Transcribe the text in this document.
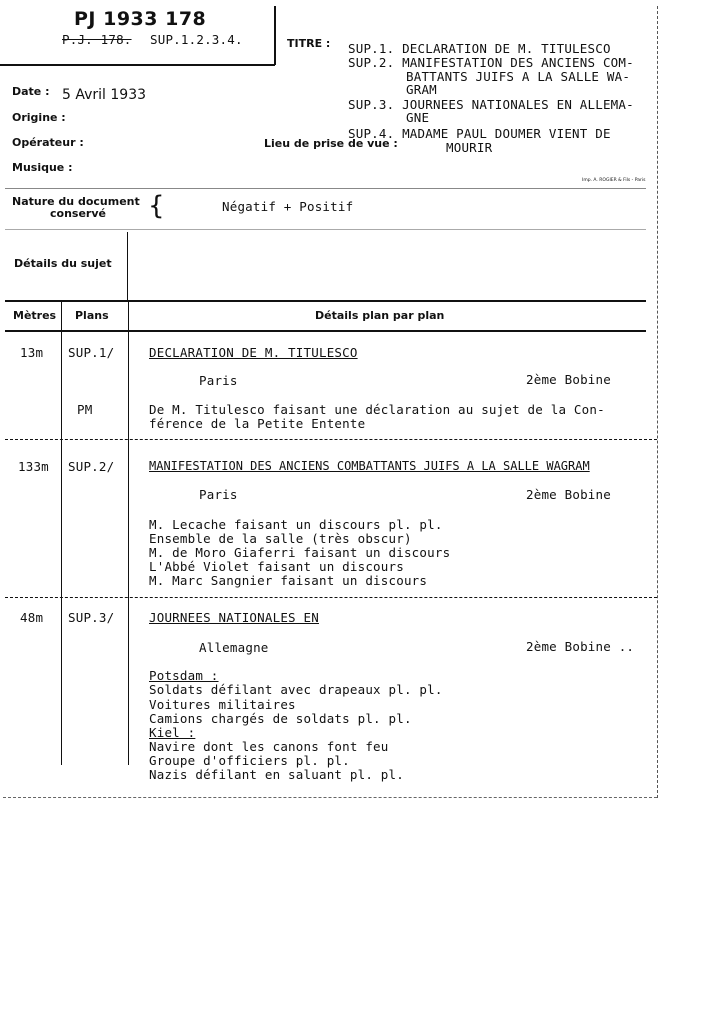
PJ 1933 178
P.J. 178. SUP.1.2.3.4.	TITRE : SUP.1. DECLARATION DE M. TITULESCO
SUP.2. MANIFESTATION DES ANCIENS COM-
BATTANTS JUIFS A LA SALLE WA-
GRAM
SUP.3. JOURNEES NATIONALES EN ALLEMA-
GNE
SUP.4. MADAME PAUL DOUMER VIENT DE
MOURIR
Date : 5 Avril 1933
Origine :
Opérateur :	Lieu de prise de vue :
Musique :
Imp. A. ROGIER & Fils - Paris
Nature du document
conservé {	Négatif + Positif
Détails du sujet
Mètres Plans	Détails plan par plan
13m SUP.1/	DECLARATION DE M. TITULESCO
Paris	2ème Bobine
PM	De M. Titulesco faisant une déclaration au sujet de la Con-
férence de la Petite Entente
133m SUP.2/	MANIFESTATION DES ANCIENS COMBATTANTS JUIFS A LA SALLE WAGRAM
Paris	2ème Bobine
M. Lecache faisant un discours pl. pl.
Ensemble de la salle (très obscur)
M. de Moro Giaferri faisant un discours
L'Abbé Violet faisant un discours
M. Marc Sangnier faisant un discours
48m SUP.3/	JOURNEES NATIONALES EN
Allemagne	2ème Bobine ..
Potsdam :
Soldats défilant avec drapeaux pl. pl.
Voitures militaires
Camions chargés de soldats pl. pl.
Kiel :
Navire dont les canons font feu
Groupe d'officiers pl. pl.
Nazis défilant en saluant pl. pl.
